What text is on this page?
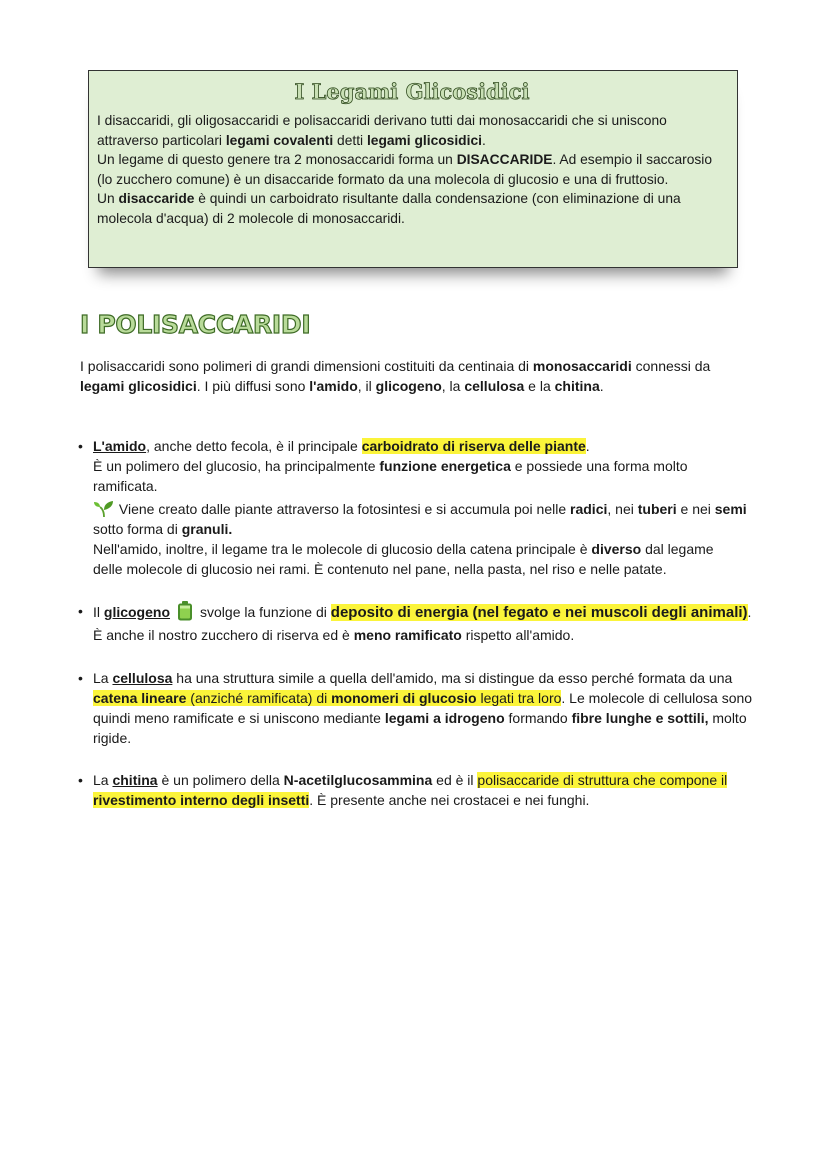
I Legami Glicosidici

I disaccaridi, gli oligosaccaridi e polisaccaridi derivano tutti dai monosaccaridi che si uniscono attraverso particolari legami covalenti detti legami glicosidici.

Un legame di questo genere tra 2 monosaccaridi forma un DISACCARIDE. Ad esempio il saccarosio (lo zucchero comune) è un disaccaride formato da una molecola di glucosio e una di fruttosio.

Un disaccaride è quindi un carboidrato risultante dalla condensazione (con eliminazione di una molecola d'acqua) di 2 molecole di monosaccaridi.

I POLISACCARIDI

I polisaccaridi sono polimeri di grandi dimensioni costituiti da centinaia di monosaccaridi connessi da legami glicosidici. I più diffusi sono l'amido, il glicogeno, la cellulosa e la chitina.

• L'amido, anche detto fecola, è il principale carboidrato di riserva delle piante.

È un polimero del glucosio, ha principalmente funzione energetica e possiede una forma molto ramificata.

Viene creato dalle piante attraverso la fotosintesi e si accumula poi nelle radici, nei tuberi e nei semi sotto forma di granuli.

Nell'amido, inoltre, il legame tra le molecole di glucosio della catena principale è diverso dal legame delle molecole di glucosio nei rami. È contenuto nel pane, nella pasta, nel riso e nelle patate.

• Il glicogeno svolge la funzione di deposito di energia (nel fegato e nei muscoli degli animali). È anche il nostro zucchero di riserva ed è meno ramificato rispetto all'amido.

• La cellulosa ha una struttura simile a quella dell'amido, ma si distingue da esso perché formata da una catena lineare (anziché ramificata) di monomeri di glucosio legati tra loro. Le molecole di cellulosa sono quindi meno ramificate e si uniscono mediante legami a idrogeno formando fibre lunghe e sottili, molto rigide.

• La chitina è un polimero della N-acetilglucosammina ed è il polisaccaride di struttura che compone il rivestimento interno degli insetti. È presente anche nei crostacei e nei funghi.
